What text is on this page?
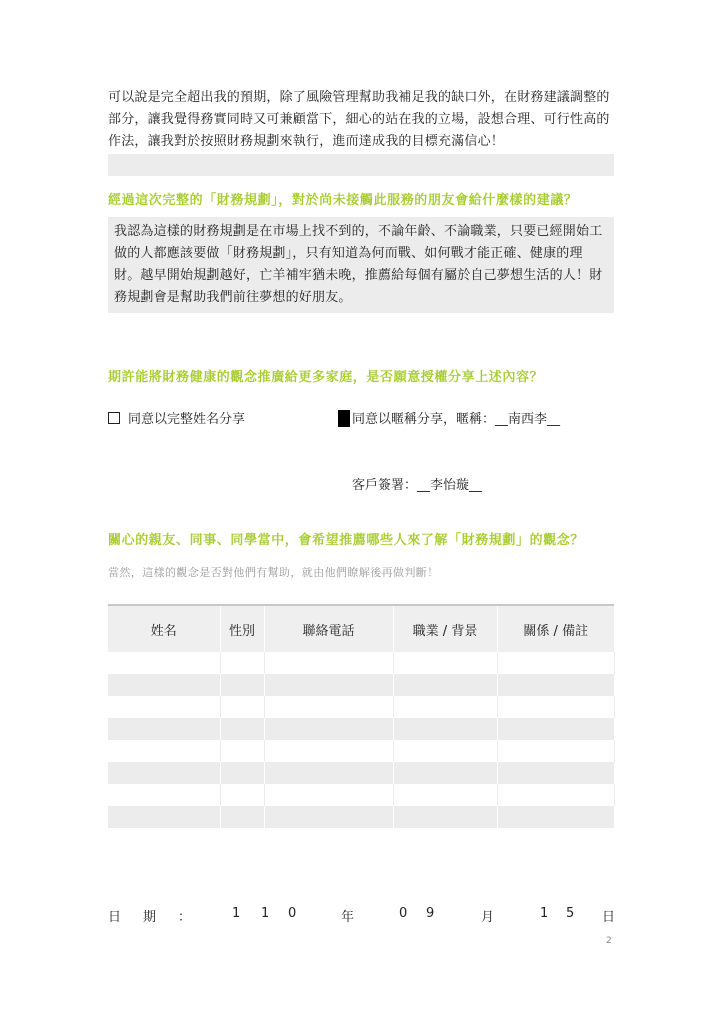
可以說是完全超出我的預期，除了風險管理幫助我補足我的缺口外，在財務建議調整的部分，讓我覺得務實同時又可兼顧當下，細心的站在我的立場，設想合理、可行性高的作法，讓我對於按照財務規劃來執行，進而達成我的目標充滿信心！
經過這次完整的「財務規劃」，對於尚未接觸此服務的朋友會給什麼樣的建議？
我認為這樣的財務規劃是在市場上找不到的，不論年齡、不論職業，只要已經開始工做的人都應該要做「財務規劃」，只有知道為何而戰、如何戰才能正確、健康的理財。越早開始規劃越好，亡羊補牢猶未晚，推薦給每個有屬於自己夢想生活的人！財務規劃會是幫助我們前往夢想的好朋友。
期許能將財務健康的觀念推廣給更多家庭，是否願意授權分享上述內容？
同意以完整姓名分享	同意以暱稱分享，暱稱：__南西李__
客戶簽署：__李怡璇__
關心的親友、同事、同學當中，會希望推薦哪些人來了解「財務規劃」的觀念？
當然，這樣的觀念是否對他們有幫助，就由他們瞭解後再做判斷！
姓名	性別	聯絡電話	職業 / 背景	關係 / 備註

日 期 ：	1 1 0	年	0 9	月	1 5 日
2
